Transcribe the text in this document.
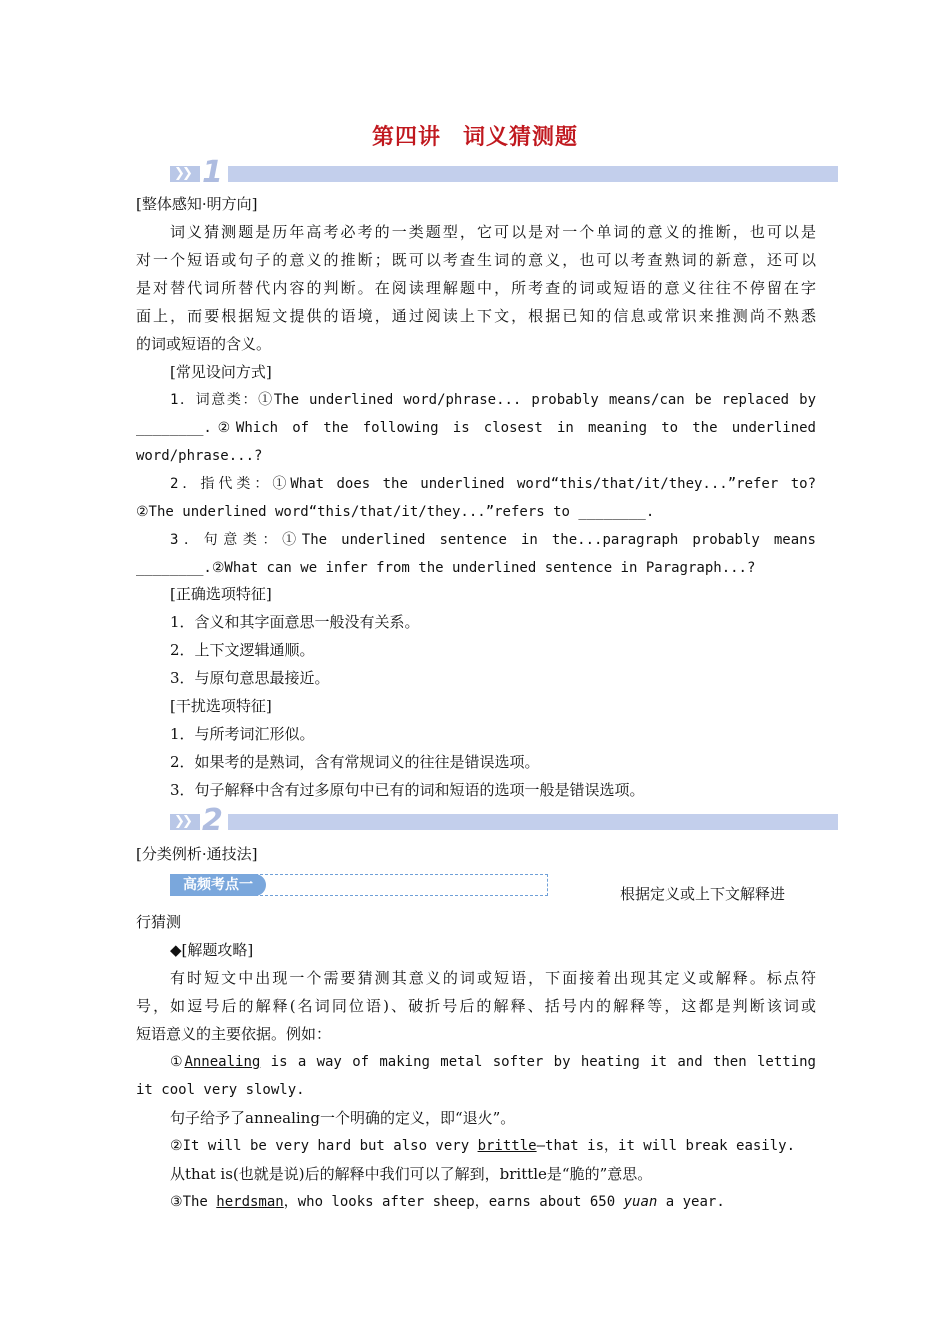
第四讲 词义猜测题
❯
❯ 1
[整体感知·明方向]
词义猜测题是历年高考必考的一类题型，它可以是对一个单词的意义的推断，也可以是
对一个短语或句子的意义的推断；既可以考查生词的意义，也可以考查熟词的新意，还可以
是对替代词所替代内容的判断。在阅读理解题中，所考查的词或短语的意义往往不停留在字
面上，而要根据短文提供的语境，通过阅读上下文，根据已知的信息或常识来推测尚不熟悉
的词或短语的含义。
[常见设问方式]
1．词意类：①The underlined word/phrase... probably means/can be replaced by
________.②Which of the following is closest in meaning to the underlined
word/phrase...?
2．指代类：①What does the underlined word“this/that/it/they...”refer to?
②The underlined word“this/that/it/they...”refers to ________.
3．句意类：①The underlined sentence in the...paragraph probably means
________.②What can we infer from the underlined sentence in Paragraph...?
[正确选项特征]
1．含义和其字面意思一般没有关系。
2．上下文逻辑通顺。
3．与原句意思最接近。
[干扰选项特征]
1．与所考词汇形似。
2．如果考的是熟词，含有常规词义的往往是错误选项。
3．句子解释中含有过多原句中已有的词和短语的选项一般是错误选项。
❯
❯ 2
[分类例析·通技法]
高频考点一	根据定义或上下文解释进
行猜测
◆[解题攻略]
有时短文中出现一个需要猜测其意义的词或短语，下面接着出现其定义或解释。标点符
号，如逗号后的解释(名词同位语)、破折号后的解释、括号内的解释等，这都是判断该词或
短语意义的主要依据。例如：
①Annealing is a way of making metal softer by heating it and then letting
it cool very slowly.
句子给予了annealing一个明确的定义，即“退火”。
②It will be very hard but also very brittle—that is，it will break easily.
从that is(也就是说)后的解释中我们可以了解到，brittle是“脆的”意思。
③The herdsman，who looks after sheep，earns about 650 yuan a year.
